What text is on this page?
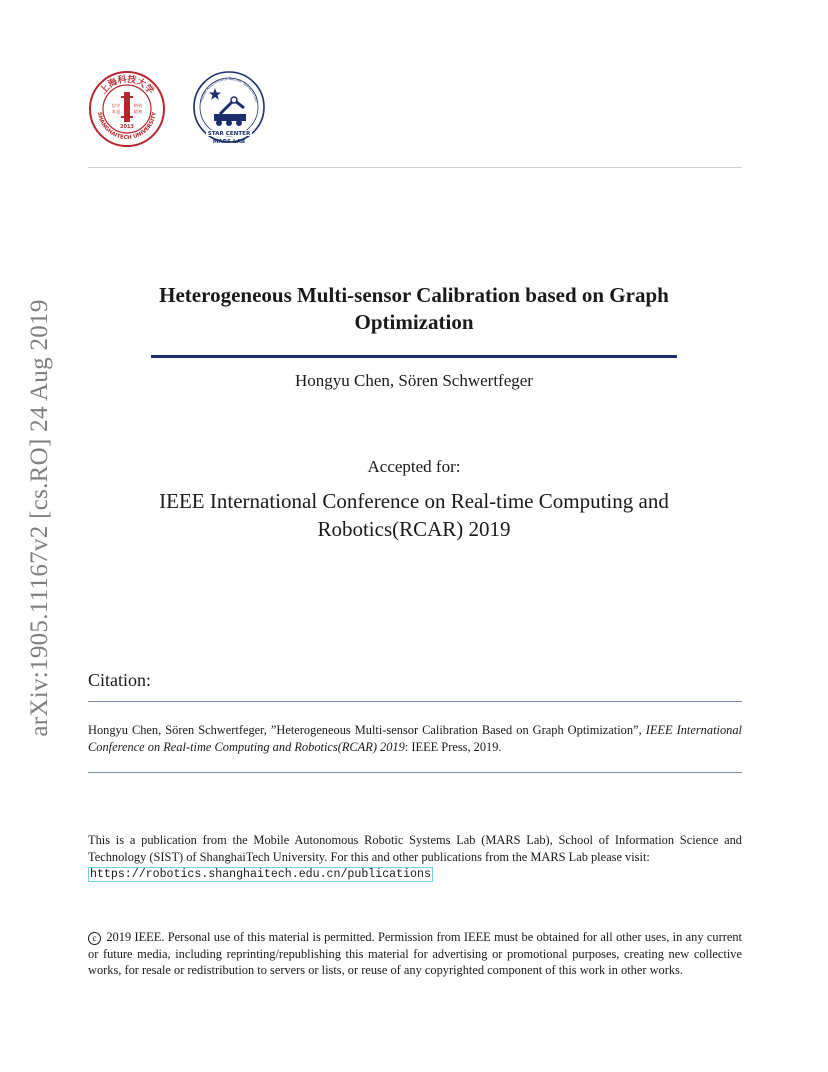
上海科技大学
SHANGHAITECH UNIVERSITY
信守
求是
格致
精神
2013
Mobile Autonomous Robotic Systems Lab
STAR CENTER
MARS LAB
arXiv:1905.11167v2 [cs.RO] 24 Aug 2019
Heterogeneous Multi-sensor Calibration based on Graph
Optimization
Hongyu Chen, Sören Schwertfeger
Accepted for:
IEEE International Conference on Real-time Computing and
Robotics(RCAR) 2019
Citation:
Hongyu Chen, Sören Schwertfeger, ”Heterogeneous Multi-sensor Calibration Based on Graph Optimization”, IEEE International Conference on Real-time Computing and Robotics(RCAR) 2019: IEEE Press, 2019.
This is a publication from the Mobile Autonomous Robotic Systems Lab (MARS Lab), School of Information Science and Technology (SIST) of ShanghaiTech University. For this and other publications from the MARS Lab please visit:
https://robotics.shanghaitech.edu.cn/publications
c 2019 IEEE. Personal use of this material is permitted. Permission from IEEE must be obtained for all other uses, in any current or future media, including reprinting/republishing this material for advertising or promotional purposes, creating new collective works, for resale or redistribution to servers or lists, or reuse of any copyrighted component of this work in other works.
